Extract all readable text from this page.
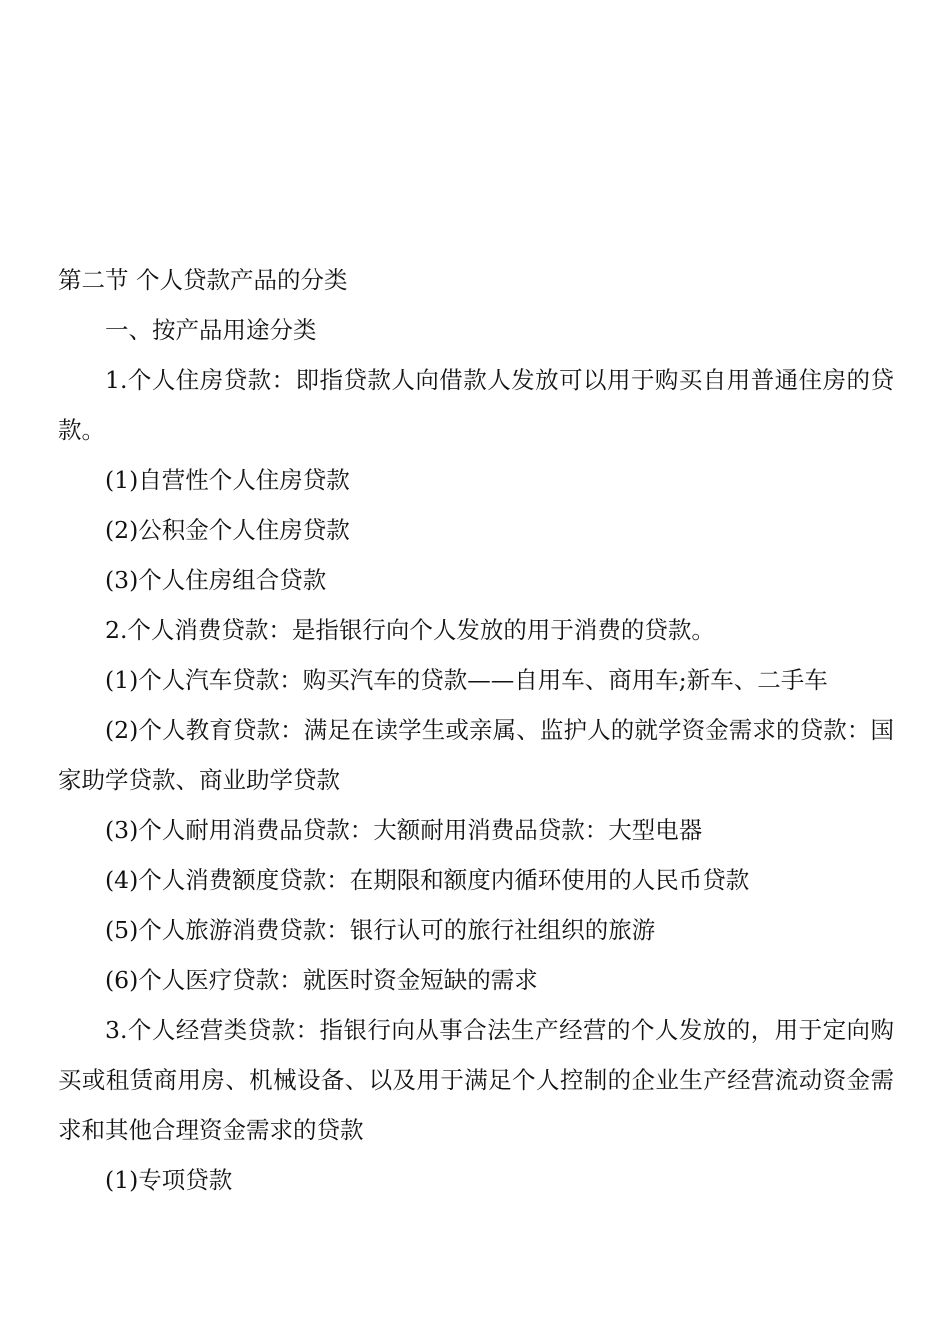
第二节 个人贷款产品的分类

一、按产品用途分类

1.个人住房贷款：即指贷款人向借款人发放可以用于购买自用普通住房的贷款。

(1)自营性个人住房贷款

(2)公积金个人住房贷款

(3)个人住房组合贷款

2.个人消费贷款：是指银行向个人发放的用于消费的贷款。

(1)个人汽车贷款：购买汽车的贷款——自用车、商用车;新车、二手车

(2)个人教育贷款：满足在读学生或亲属、监护人的就学资金需求的贷款：国家助学贷款、商业助学贷款

(3)个人耐用消费品贷款：大额耐用消费品贷款：大型电器

(4)个人消费额度贷款：在期限和额度内循环使用的人民币贷款

(5)个人旅游消费贷款：银行认可的旅行社组织的旅游

(6)个人医疗贷款：就医时资金短缺的需求

3.个人经营类贷款：指银行向从事合法生产经营的个人发放的，用于定向购买或租赁商用房、机械设备、以及用于满足个人控制的企业生产经营流动资金需求和其他合理资金需求的贷款

(1)专项贷款
